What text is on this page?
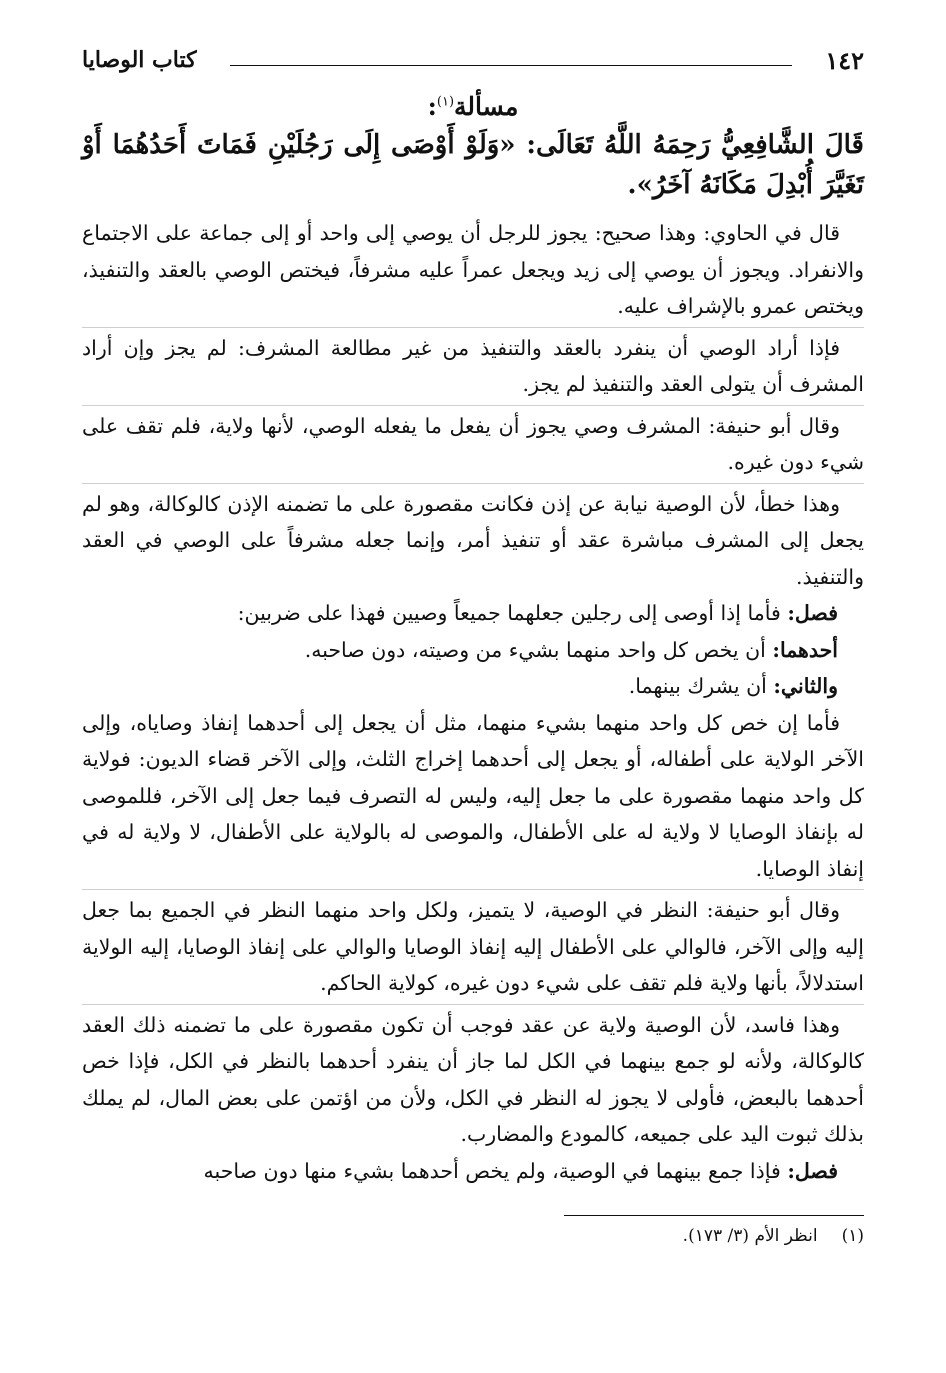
١٤٢
كتاب الوصايا
مسألة$^{(١)}$:
قَالَ الشَّافِعِيُّ رَحِمَهُ اللَّهُ تَعَالَى: «وَلَوْ أَوْصَى إِلَى رَجُلَيْنِ فَمَاتَ أَحَدُهُمَا أَوْ تَغَيَّرَ أُبْدِلَ مَكَانَهُ آخَرُ».

قال في الحاوي: وهذا صحيح: يجوز للرجل أن يوصي إلى واحد أو إلى جماعة على الاجتماع والانفراد. ويجوز أن يوصي إلى زيد ويجعل عمراً عليه مشرفاً، فيختص الوصي بالعقد والتنفيذ، ويختص عمرو بالإشراف عليه.

فإذا أراد الوصي أن ينفرد بالعقد والتنفيذ من غير مطالعة المشرف: لم يجز وإن أراد المشرف أن يتولى العقد والتنفيذ لم يجز.

وقال أبو حنيفة: المشرف وصي يجوز أن يفعل ما يفعله الوصي، لأنها ولاية، فلم تقف على شيء دون غيره.

وهذا خطأ، لأن الوصية نيابة عن إذن فكانت مقصورة على ما تضمنه الإذن كالوكالة، وهو لم يجعل إلى المشرف مباشرة عقد أو تنفيذ أمر، وإنما جعله مشرفاً على الوصي في العقد والتنفيذ.

فصل: فأما إذا أوصى إلى رجلين جعلهما جميعاً وصيين فهذا على ضربين:

أحدهما: أن يخص كل واحد منهما بشيء من وصيته، دون صاحبه.

والثاني: أن يشرك بينهما.

فأما إن خص كل واحد منهما بشيء منهما، مثل أن يجعل إلى أحدهما إنفاذ وصاياه، وإلى الآخر الولاية على أطفاله، أو يجعل إلى أحدهما إخراج الثلث، وإلى الآخر قضاء الديون: فولاية كل واحد منهما مقصورة على ما جعل إليه، وليس له التصرف فيما جعل إلى الآخر، فللموصى له بإنفاذ الوصايا لا ولاية له على الأطفال، والموصى له بالولاية على الأطفال، لا ولاية له في إنفاذ الوصايا.

وقال أبو حنيفة: النظر في الوصية، لا يتميز، ولكل واحد منهما النظر في الجميع بما جعل إليه وإلى الآخر، فالوالي على الأطفال إليه إنفاذ الوصايا والوالي على إنفاذ الوصايا، إليه الولاية استدلالاً، بأنها ولاية فلم تقف على شيء دون غيره، كولاية الحاكم.

وهذا فاسد، لأن الوصية ولاية عن عقد فوجب أن تكون مقصورة على ما تضمنه ذلك العقد كالوكالة، ولأنه لو جمع بينهما في الكل لما جاز أن ينفرد أحدهما بالنظر في الكل، فإذا خص أحدهما بالبعض، فأولى لا يجوز له النظر في الكل، ولأن من اؤتمن على بعض المال، لم يملك بذلك ثبوت اليد على جميعه، كالمودع والمضارب.

فصل: فإذا جمع بينهما في الوصية، ولم يخص أحدهما بشيء منها دون صاحبه

(١)انظر الأم (٣/ ١٧٣).
